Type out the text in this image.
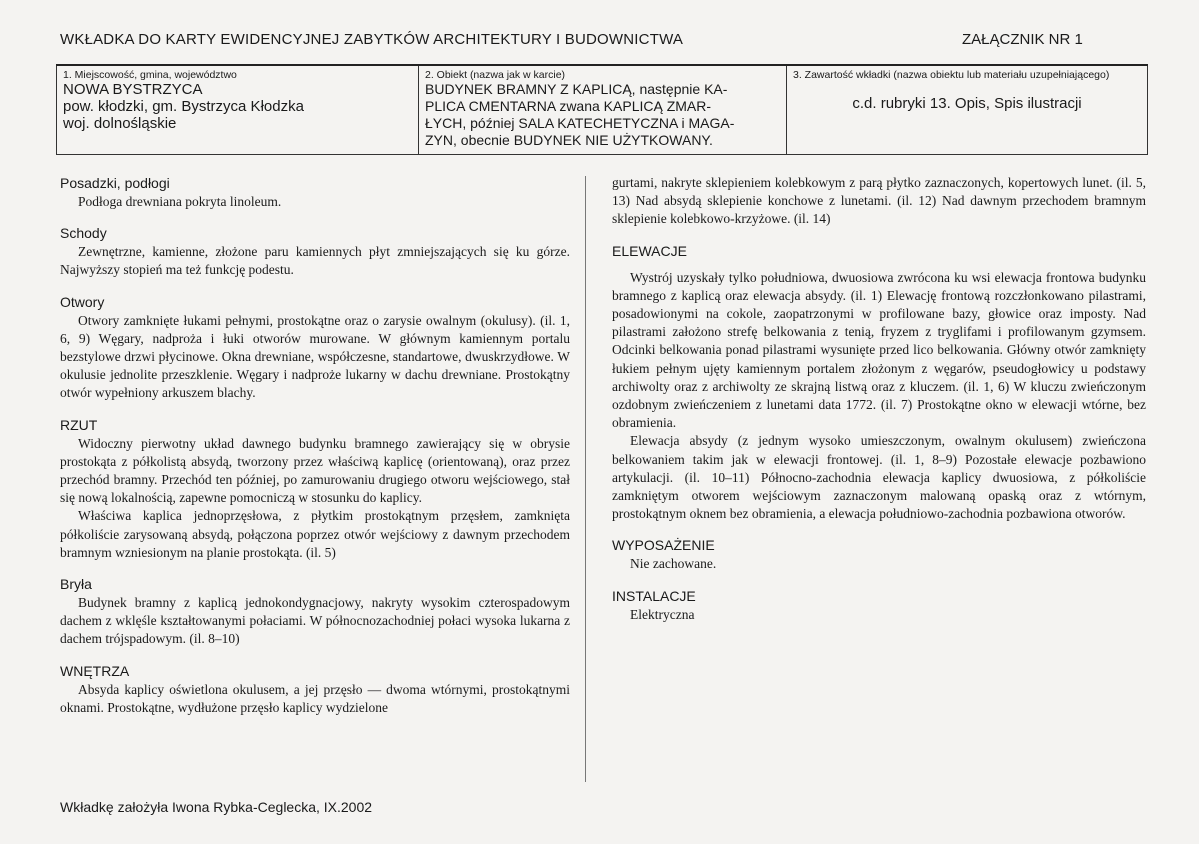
WKŁADKA DO KARTY EWIDENCYJNEJ ZABYTKÓW ARCHITEKTURY I BUDOWNICTWA	ZAŁĄCZNIK NR 1
1. Miejscowość, gmina, województwo
NOWA BYSTRZYCA
pow. kłodzki, gm. Bystrzyca Kłodzka
woj. dolnośląskie
2. Obiekt (nazwa jak w karcie)
BUDYNEK BRAMNY Z KAPLICĄ, następnie KA-
PLICA CMENTARNA zwana KAPLICĄ ZMAR-
ŁYCH, później SALA KATECHETYCZNA i MAGA-
ZYN, obecnie BUDYNEK NIE UŻYTKOWANY.
3. Zawartość wkładki (nazwa obiektu lub materiału uzupełniającego)
c.d. rubryki 13. Opis, Spis ilustracji
Posadzki, podłogi

Podłoga drewniana pokryta linoleum.

Schody

Zewnętrzne, kamienne, złożone paru kamiennych płyt zmniejszających się ku górze. Najwyższy stopień ma też funkcję podestu.

Otwory

Otwory zamknięte łukami pełnymi, prostokątne oraz o zarysie owalnym (okulusy). (il. 1, 6, 9) Węgary, nadproża i łuki otworów murowane. W głównym kamiennym portalu bezstylowe drzwi płycinowe. Okna drewniane, współczesne, standartowe, dwuskrzydłowe. W okulusie jednolite przeszklenie. Węgary i nadproże lukarny w dachu drewniane. Prostokątny otwór wypełniony arkuszem blachy.

RZUT

Widoczny pierwotny układ dawnego budynku bramnego zawierający się w obrysie prostokąta z półkolistą absydą, tworzony przez właściwą kaplicę (orientowaną), oraz przez przechód bramny. Przechód ten później, po zamurowaniu drugiego otworu wejściowego, stał się nową lokalnością, zapewne pomocniczą w stosunku do kaplicy.

Właściwa kaplica jednoprzęsłowa, z płytkim prostokątnym przęsłem, zamknięta półkoliście zarysowaną absydą, połączona poprzez otwór wejściowy z dawnym przechodem bramnym wzniesionym na planie prostokąta. (il. 5)

Bryła

Budynek bramny z kaplicą jednokondygnacjowy, nakryty wysokim czterospadowym dachem z wklęśle kształtowanymi połaciami. W północnozachodniej połaci wysoka lukarna z dachem trójspadowym. (il. 8–10)

WNĘTRZA

Absyda kaplicy oświetlona okulusem, a jej przęsło — dwoma wtórnymi, prostokątnymi oknami. Prostokątne, wydłużone przęsło kaplicy wydzielone

gurtami, nakryte sklepieniem kolebkowym z parą płytko zaznaczonych, kopertowych lunet. (il. 5, 13) Nad absydą sklepienie konchowe z lunetami. (il. 12) Nad dawnym przechodem bramnym sklepienie kolebkowo-krzyżowe. (il. 14)

ELEWACJE

Wystrój uzyskały tylko południowa, dwuosiowa zwrócona ku wsi elewacja frontowa budynku bramnego z kaplicą oraz elewacja absydy. (il. 1) Elewację frontową rozczłonkowano pilastrami, posadowionymi na cokole, zaopatrzonymi w profilowane bazy, głowice oraz imposty. Nad pilastrami założono strefę belkowania z tenią, fryzem z tryglifami i profilowanym gzymsem. Odcinki belkowania ponad pilastrami wysunięte przed lico belkowania. Główny otwór zamknięty łukiem pełnym ujęty kamiennym portalem złożonym z węgarów, pseudogłowicy u podstawy archiwolty oraz z archiwolty ze skrajną listwą oraz z kluczem. (il. 1, 6) W kluczu zwieńczonym ozdobnym zwieńczeniem z lunetami data 1772. (il. 7) Prostokątne okno w elewacji wtórne, bez obramienia.

Elewacja absydy (z jednym wysoko umieszczonym, owalnym okulusem) zwieńczona belkowaniem takim jak w elewacji frontowej. (il. 1, 8–9) Pozostałe elewacje pozbawiono artykulacji. (il. 10–11) Północno-zachodnia elewacja kaplicy dwuosiowa, z półkoliście zamkniętym otworem wejściowym zaznaczonym malowaną opaską oraz z wtórnym, prostokątnym oknem bez obramienia, a elewacja południowo-zachodnia pozbawiona otworów.

WYPOSAŻENIE

Nie zachowane.

INSTALACJE

Elektryczna

Wkładkę założyła Iwona Rybka-Ceglecka, IX.2002
